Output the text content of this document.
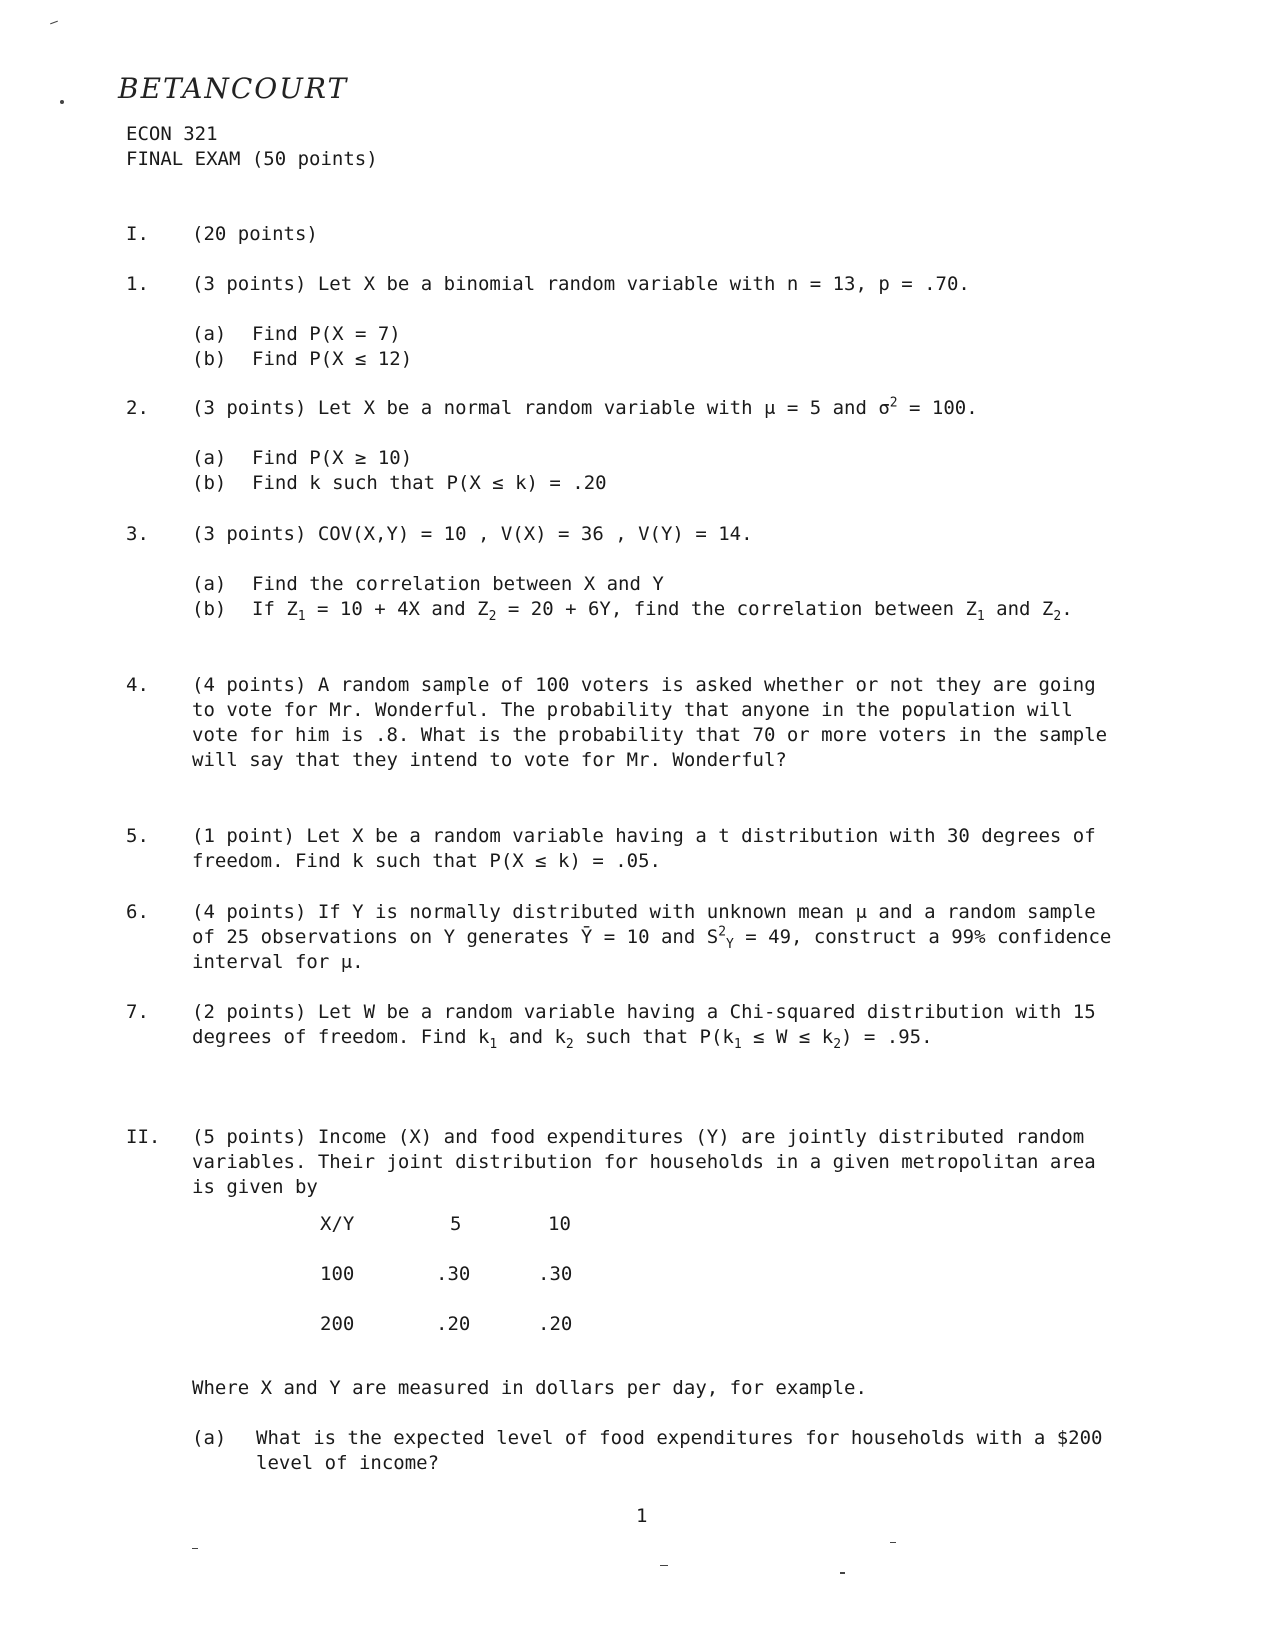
BETANCOURT
ECON 321
FINAL EXAM (50 points)
I. (20 points)
1. (3 points) Let X be a binomial random variable with n = 13, p = .70.
(a) Find P(X = 7)
(b) Find P(X ≤ 12)
2. (3 points) Let X be a normal random variable with μ = 5 and $\sigma^2 = 100$.
(a) Find P(X ≥ 10)
(b) Find k such that P(X ≤ k) = .20
3. (3 points) COV(X,Y) = 10 , V(X) = 36 , V(Y) = 14.
(a) Find the correlation between X and Y
(b) If $Z_1 = 10 + 4X$ and $Z_2 = 20 + 6Y$, find the correlation between $Z_1$ and $Z_2$.
4. (4 points) A random sample of 100 voters is asked whether or not they are going to vote for Mr. Wonderful. The probability that anyone in the population will vote for him is .8. What is the probability that 70 or more voters in the sample will say that they intend to vote for Mr. Wonderful?
5. (1 point) Let X be a random variable having a t distribution with 30 degrees of freedom. Find k such that P(X ≤ k) = .05.
6. (4 points) If Y is normally distributed with unknown mean μ and a random sample of 25 observations on Y generates Ȳ = 10 and $S^2_Y = 49$, construct a 99% confidence interval for μ.
7. (2 points) Let W be a random variable having a Chi-squared distribution with 15 degrees of freedom. Find $k_1$ and $k_2$ such that $P(k_1 \le W \le k_2) = .95$.
II. (5 points) Income (X) and food expenditures (Y) are jointly distributed random variables. Their joint distribution for households in a given metropolitan area is given by
X/Y	5	10
100	.30	.30
200	.20	.20
Where X and Y are measured in dollars per day, for example.
(a) What is the expected level of food expenditures for households with a $200 level of income?
1
